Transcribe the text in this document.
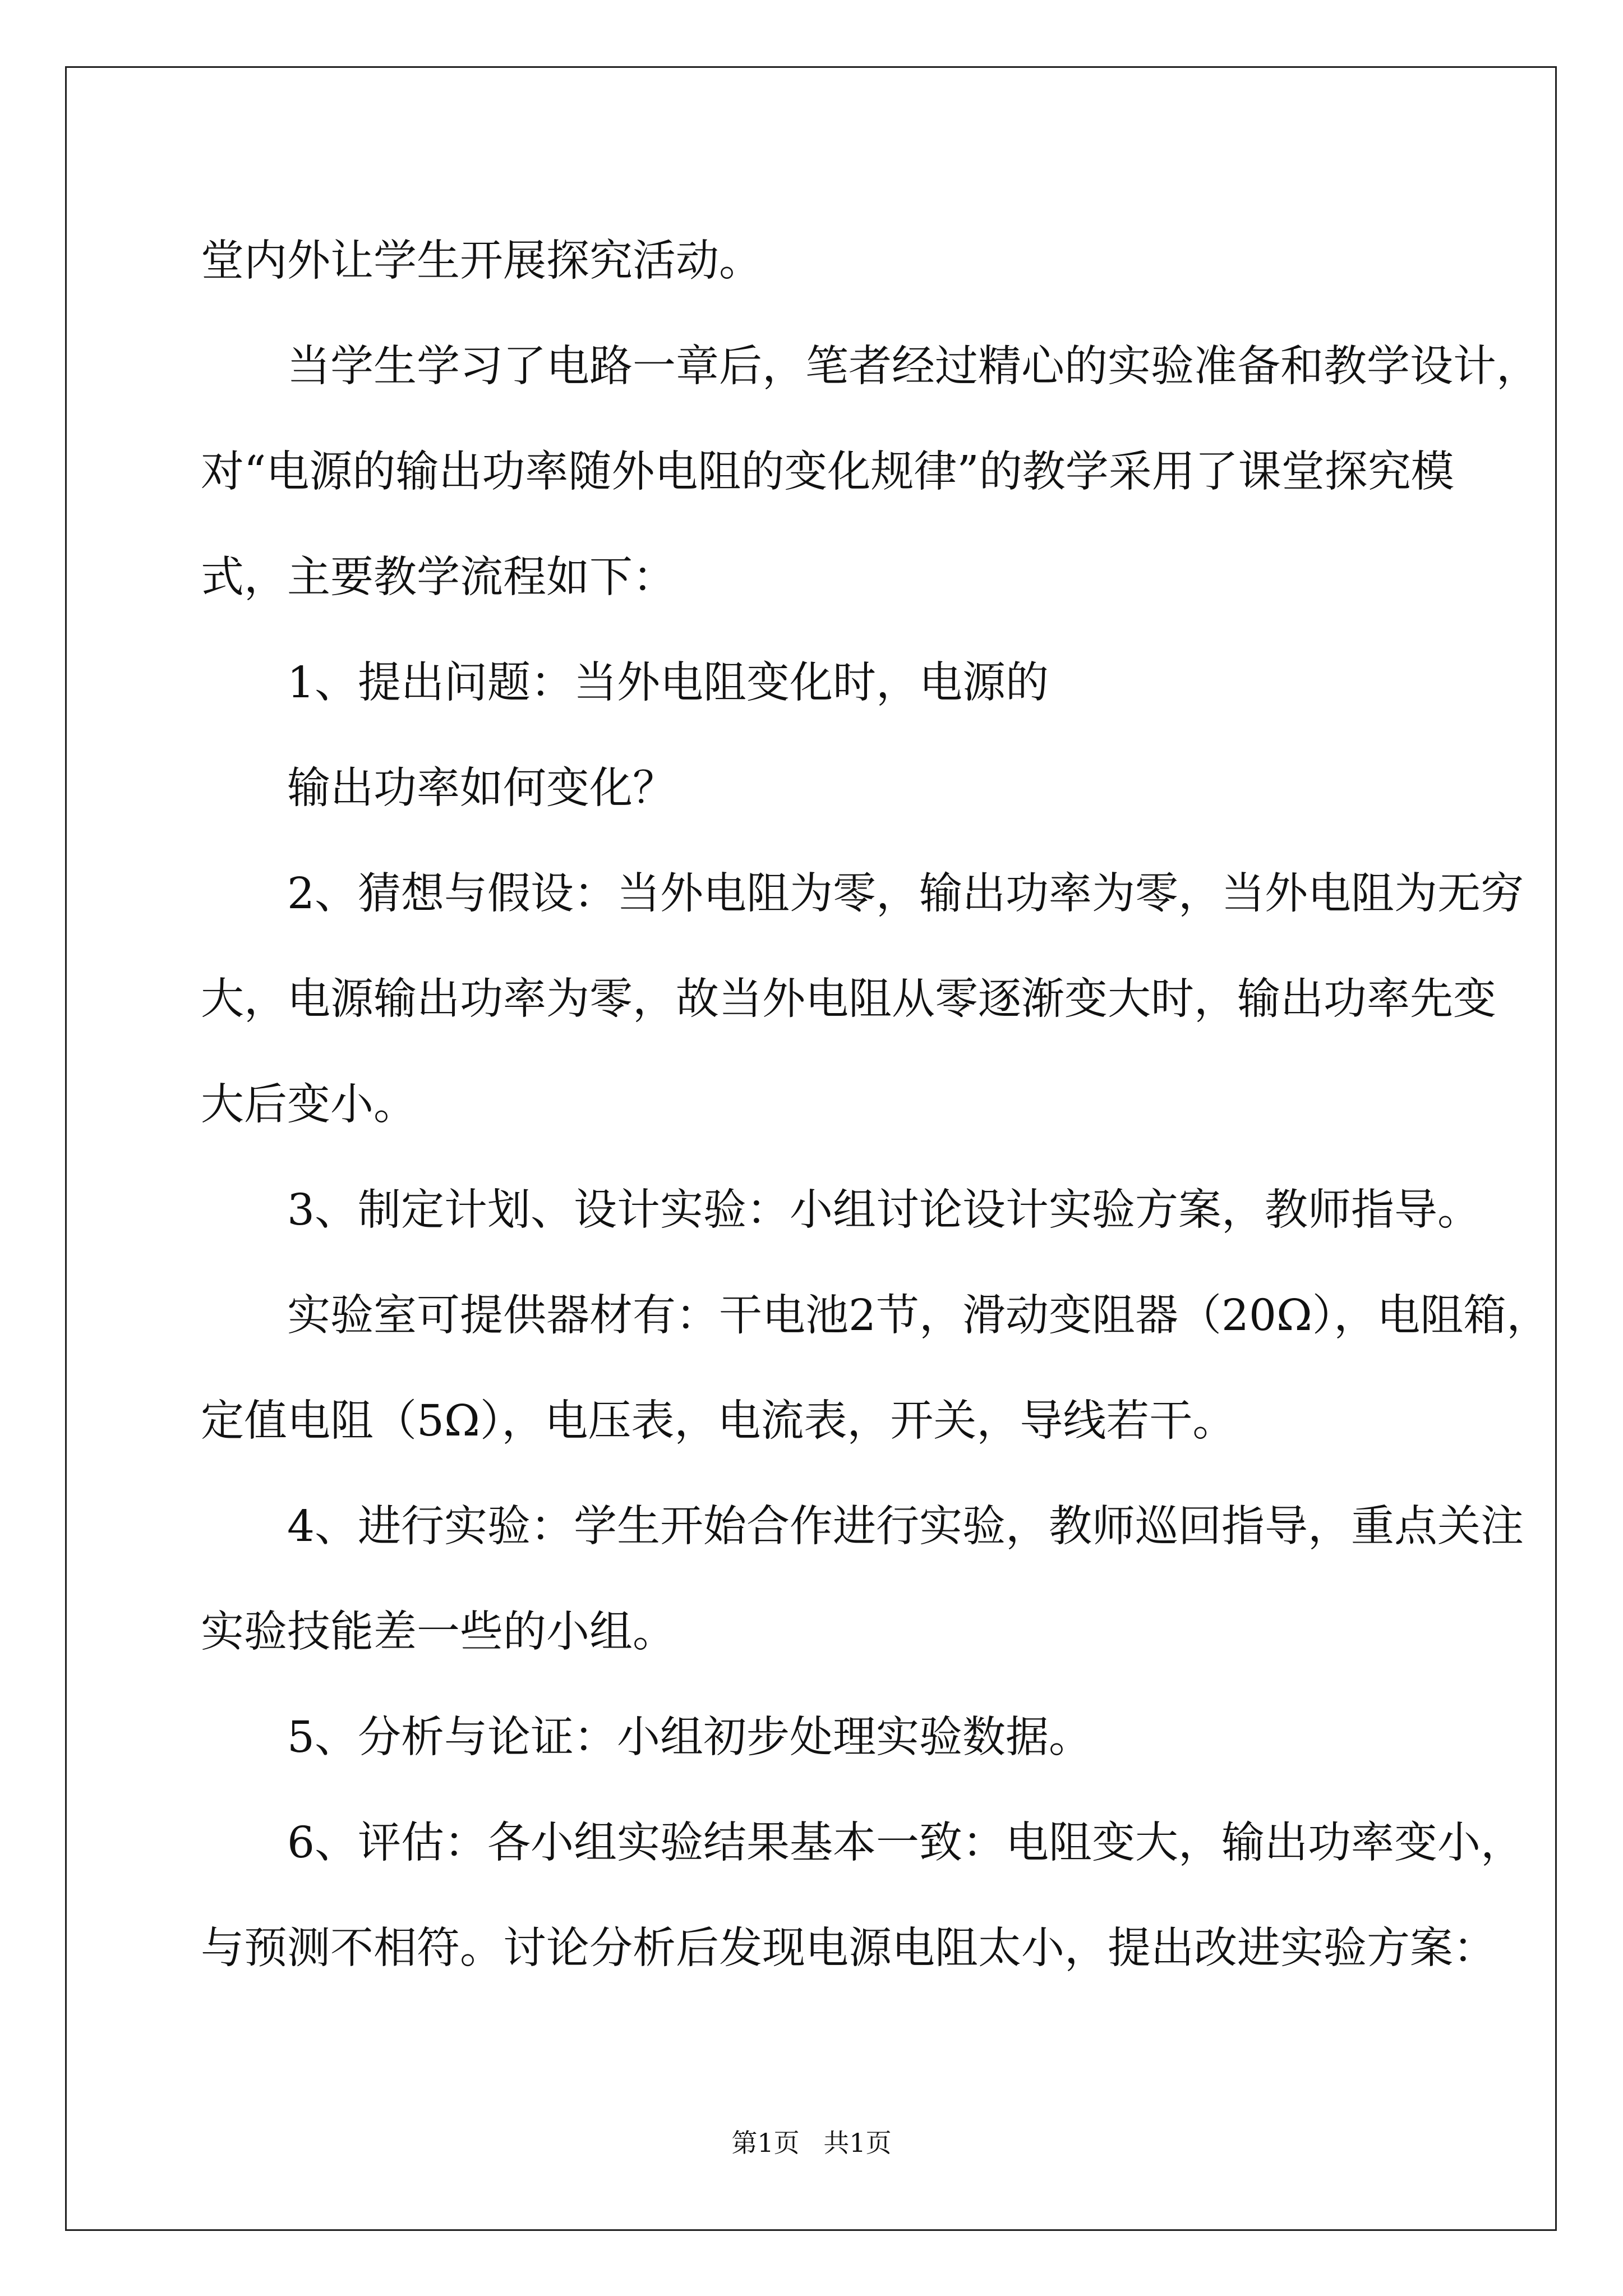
堂内外让学生开展探究活动。

　　当学生学习了电路一章后，笔者经过精心的实验准备和教学设计，

对“电源的输出功率随外电阻的变化规律”的教学采用了课堂探究模

式，主要教学流程如下：

　　1、提出问题：当外电阻变化时，电源的

　　输出功率如何变化？

　　2、猜想与假设：当外电阻为零，输出功率为零，当外电阻为无穷

大，电源输出功率为零，故当外电阻从零逐渐变大时，输出功率先变

大后变小。

　　3、制定计划、设计实验：小组讨论设计实验方案，教师指导。

　　实验室可提供器材有：干电池2节，滑动变阻器（20Ω），电阻箱，

定值电阻（5Ω），电压表，电流表，开关，导线若干。

　　4、进行实验：学生开始合作进行实验，教师巡回指导，重点关注

实验技能差一些的小组。

　　5、分析与论证：小组初步处理实验数据。

　　6、评估：各小组实验结果基本一致：电阻变大，输出功率变小，

与预测不相符。讨论分析后发现电源电阻太小，提出改进实验方案：

第1页 共1页
